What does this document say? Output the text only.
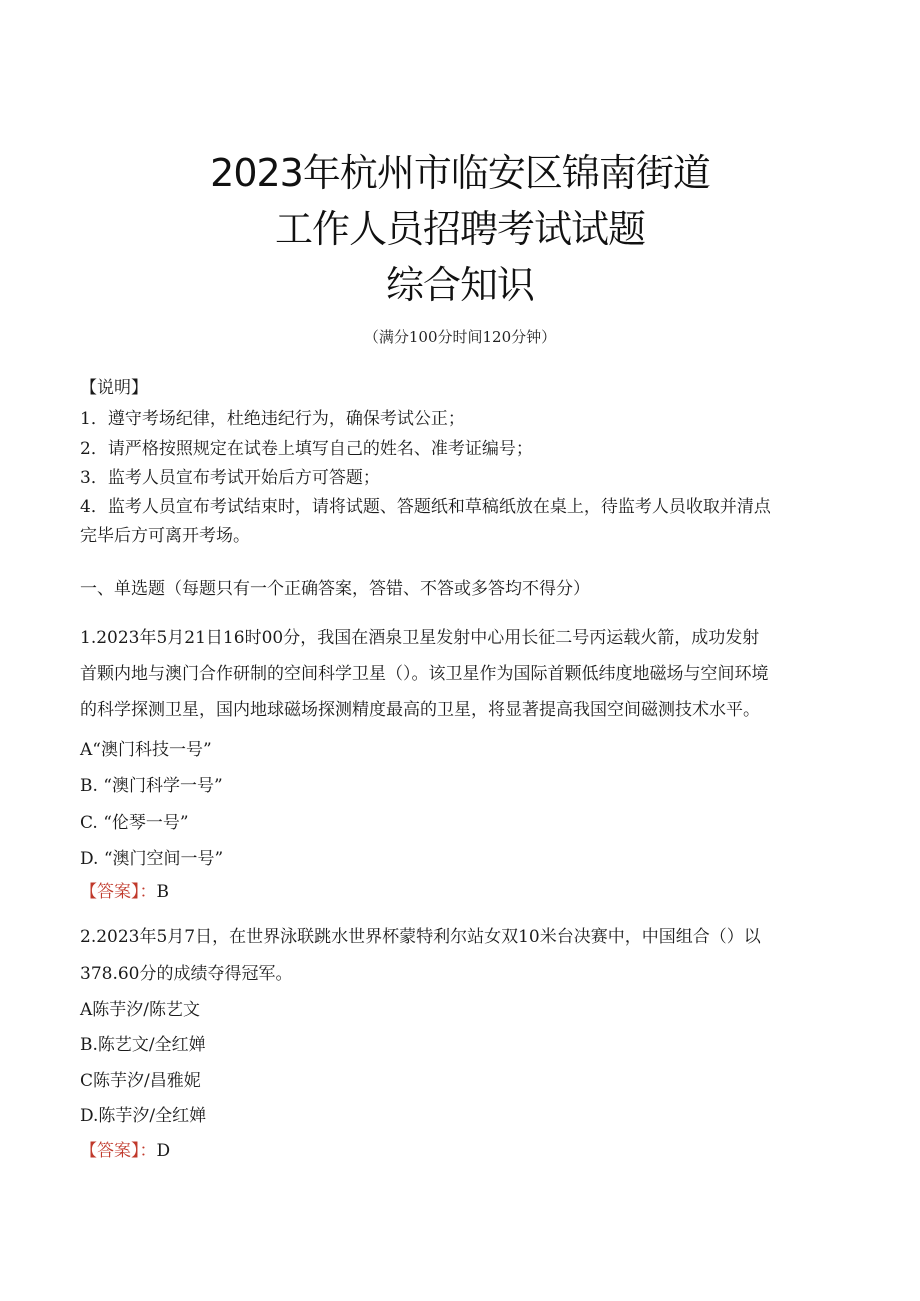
2023年杭州市临安区锦南街道
工作人员招聘考试试题
综合知识
（满分100分时间120分钟）
【说明】
1．遵守考场纪律，杜绝违纪行为，确保考试公正；
2．请严格按照规定在试卷上填写自己的姓名、准考证编号；
3．监考人员宣布考试开始后方可答题；
4．监考人员宣布考试结束时，请将试题、答题纸和草稿纸放在桌上，待监考人员收取并清点
完毕后方可离开考场。
一、单选题（每题只有一个正确答案，答错、不答或多答均不得分）
1.2023年5月21日16时00分，我国在酒泉卫星发射中心用长征二号丙运载火箭，成功发射
首颗内地与澳门合作研制的空间科学卫星（）。该卫星作为国际首颗低纬度地磁场与空间环境
的科学探测卫星，国内地球磁场探测精度最高的卫星，将显著提高我国空间磁测技术水平。
A“澳门科技一号”
B. “澳门科学一号”
C. “伦琴一号”
D. “澳门空间一号”
【答案】：B
2.2023年5月7日，在世界泳联跳水世界杯蒙特利尔站女双10米台决赛中，中国组合（）以
378.60分的成绩夺得冠军。
A陈芋汐/陈艺文
B.陈艺文/全红婵
C陈芋汐/昌雅妮
D.陈芋汐/全红婵
【答案】：D
